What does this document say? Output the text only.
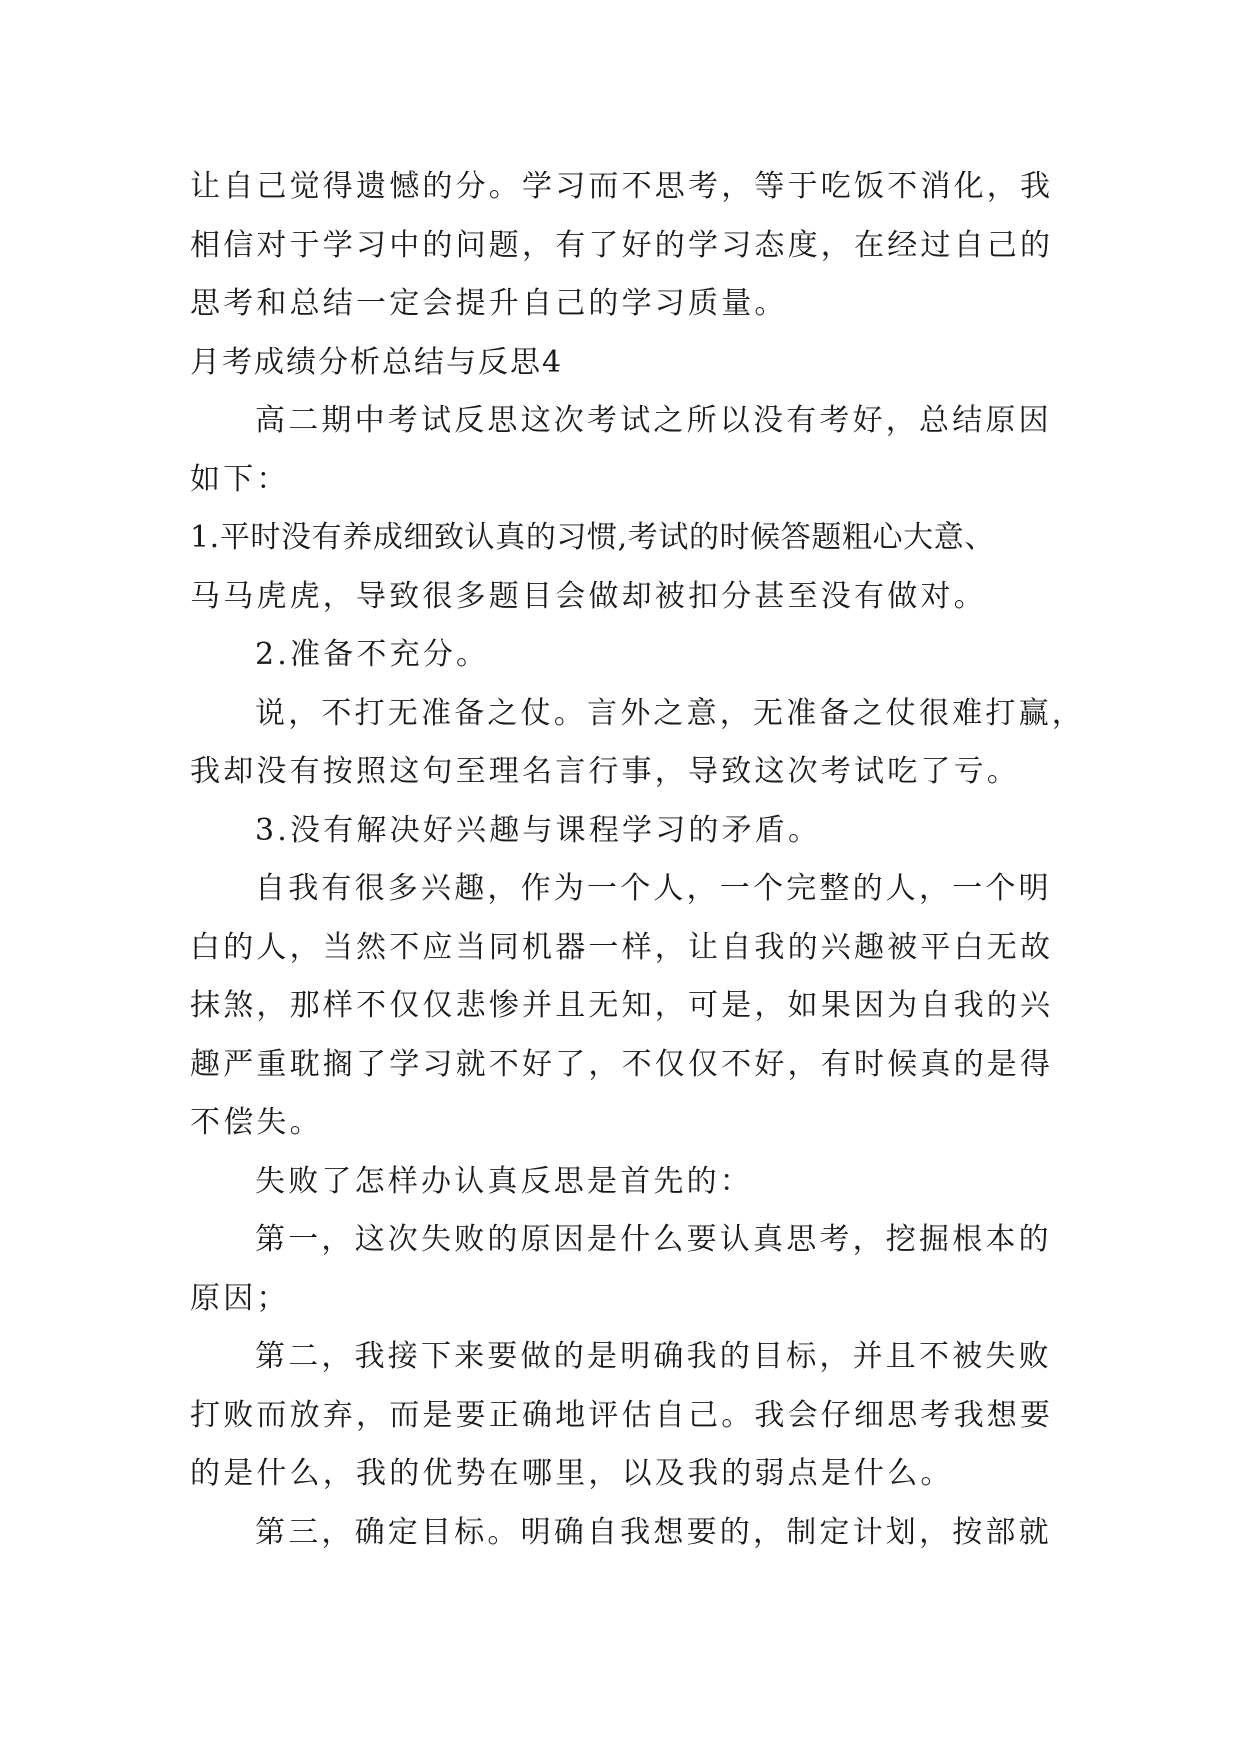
让自己觉得遗憾的分。学习而不思考，等于吃饭不消化，我
相信对于学习中的问题，有了好的学习态度，在经过自己的
思考和总结一定会提升自己的学习质量。
月考成绩分析总结与反思4
高二期中考试反思这次考试之所以没有考好，总结原因
如下：
1.平时没有养成细致认真的习惯,考试的时候答题粗心大意、
马马虎虎，导致很多题目会做却被扣分甚至没有做对。
2.准备不充分。
说，不打无准备之仗。言外之意，无准备之仗很难打赢，
我却没有按照这句至理名言行事，导致这次考试吃了亏。
3.没有解决好兴趣与课程学习的矛盾。
自我有很多兴趣，作为一个人，一个完整的人，一个明
白的人，当然不应当同机器一样，让自我的兴趣被平白无故
抹煞，那样不仅仅悲惨并且无知，可是，如果因为自我的兴
趣严重耽搁了学习就不好了，不仅仅不好，有时候真的是得
不偿失。
失败了怎样办认真反思是首先的：
第一，这次失败的原因是什么要认真思考，挖掘根本的
原因；
第二，我接下来要做的是明确我的目标，并且不被失败
打败而放弃，而是要正确地评估自己。我会仔细思考我想要
的是什么，我的优势在哪里，以及我的弱点是什么。
第三，确定目标。明确自我想要的，制定计划，按部就
